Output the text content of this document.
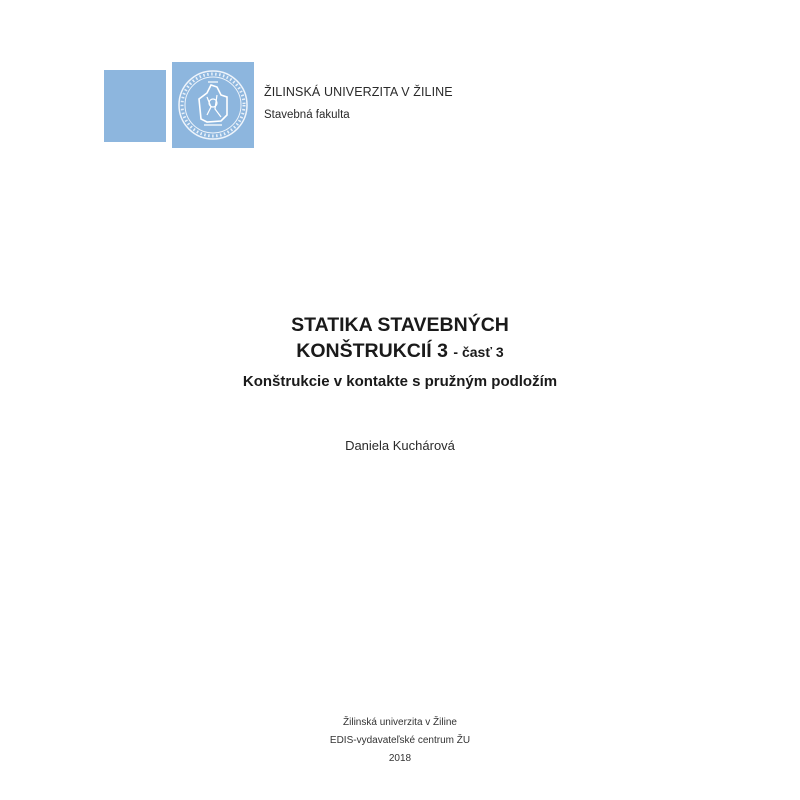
ŽILINSKÁ UNIVERZITA V ŽILINE
Stavebná fakulta
STATIKA STAVEBNÝCH
KONŠTRUKCIÍ 3 - časť 3
Konštrukcie v kontakte s pružným podložím
Daniela Kuchárová
Žilinská univerzita v Žiline
EDIS-vydavateľské centrum ŽU
2018
